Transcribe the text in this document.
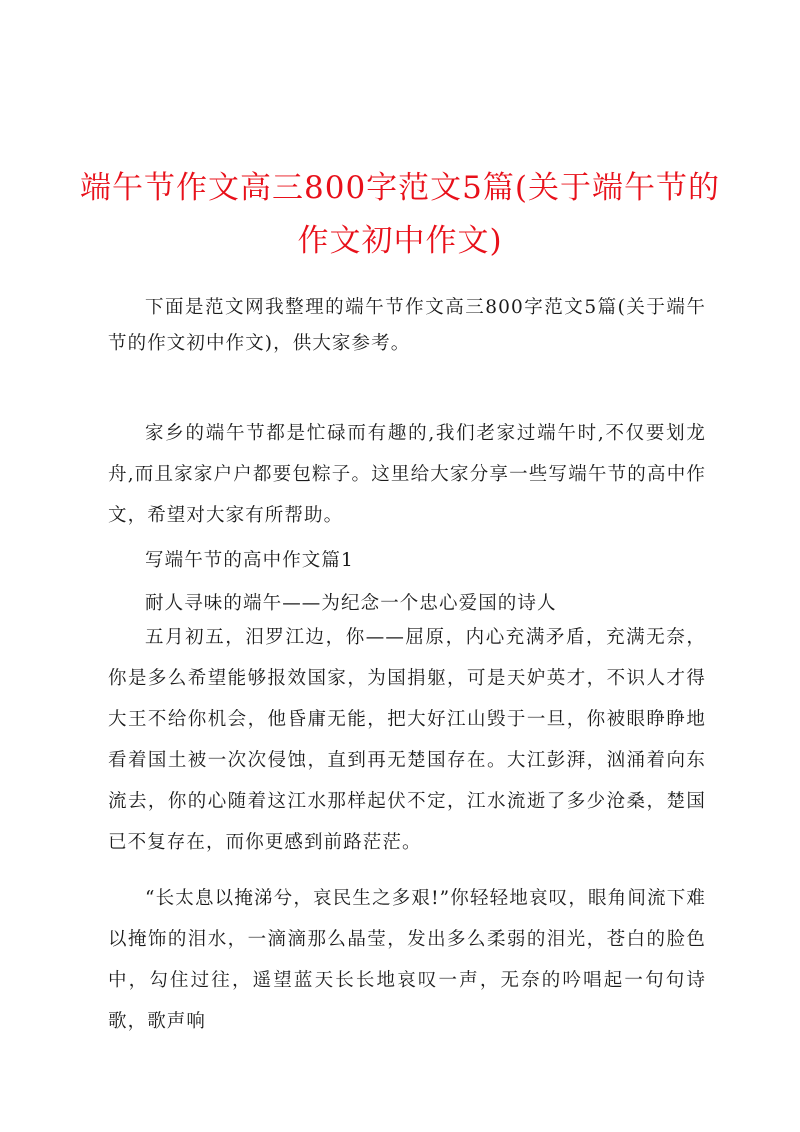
端午节作文高三800字范文5篇(关于端午节的
作文初中作文)

下面是范文网我整理的端午节作文高三800字范文5篇(关于端午节的作文初中作文)，供大家参考。

家乡的端午节都是忙碌而有趣的,我们老家过端午时,不仅要划龙舟,而且家家户户都要包粽子。这里给大家分享一些写端午节的高中作文，希望对大家有所帮助。

写端午节的高中作文篇1

耐人寻味的端午——为纪念一个忠心爱国的诗人

五月初五，汨罗江边，你——屈原，内心充满矛盾，充满无奈，你是多么希望能够报效国家，为国捐躯，可是天妒英才，不识人才得大王不给你机会，他昏庸无能，把大好江山毁于一旦，你被眼睁睁地看着国土被一次次侵蚀，直到再无楚国存在。大江彭湃，汹涌着向东流去，你的心随着这江水那样起伏不定，江水流逝了多少沧桑，楚国已不复存在，而你更感到前路茫茫。

“长太息以掩涕兮，哀民生之多艰!”你轻轻地哀叹，眼角间流下难以掩饰的泪水，一滴滴那么晶莹，发出多么柔弱的泪光，苍白的脸色中，勾住过往，遥望蓝天长长地哀叹一声，无奈的吟唱起一句句诗歌，歌声响
